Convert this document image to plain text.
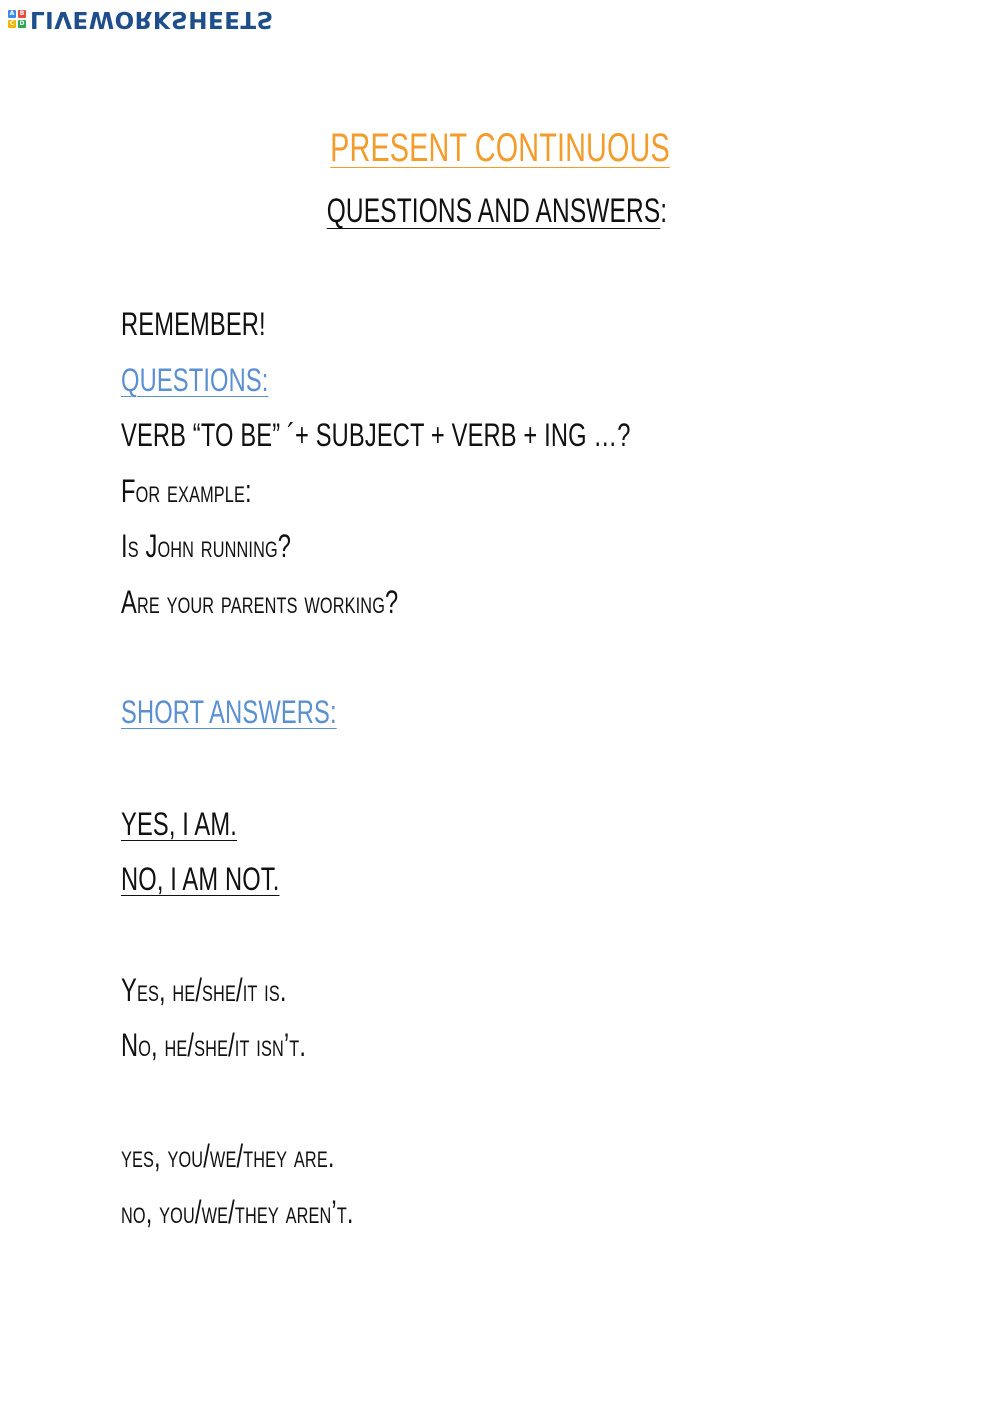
A B
C D LIVEWORKSHEETS
PRESENT CONTINUOUS
QUESTIONS AND ANSWERS:
REMEMBER!
QUESTIONS:
VERB “TO BE” ´+ SUBJECT + VERB + ING …?
For example:
Is John running?
Are your parents working?
SHORT ANSWERS:
YES, I AM.
NO, I AM NOT.
Yes, he/she/it is.
No, he/she/it isn’t.
yes, you/we/they are.
no, you/we/they aren’t.
